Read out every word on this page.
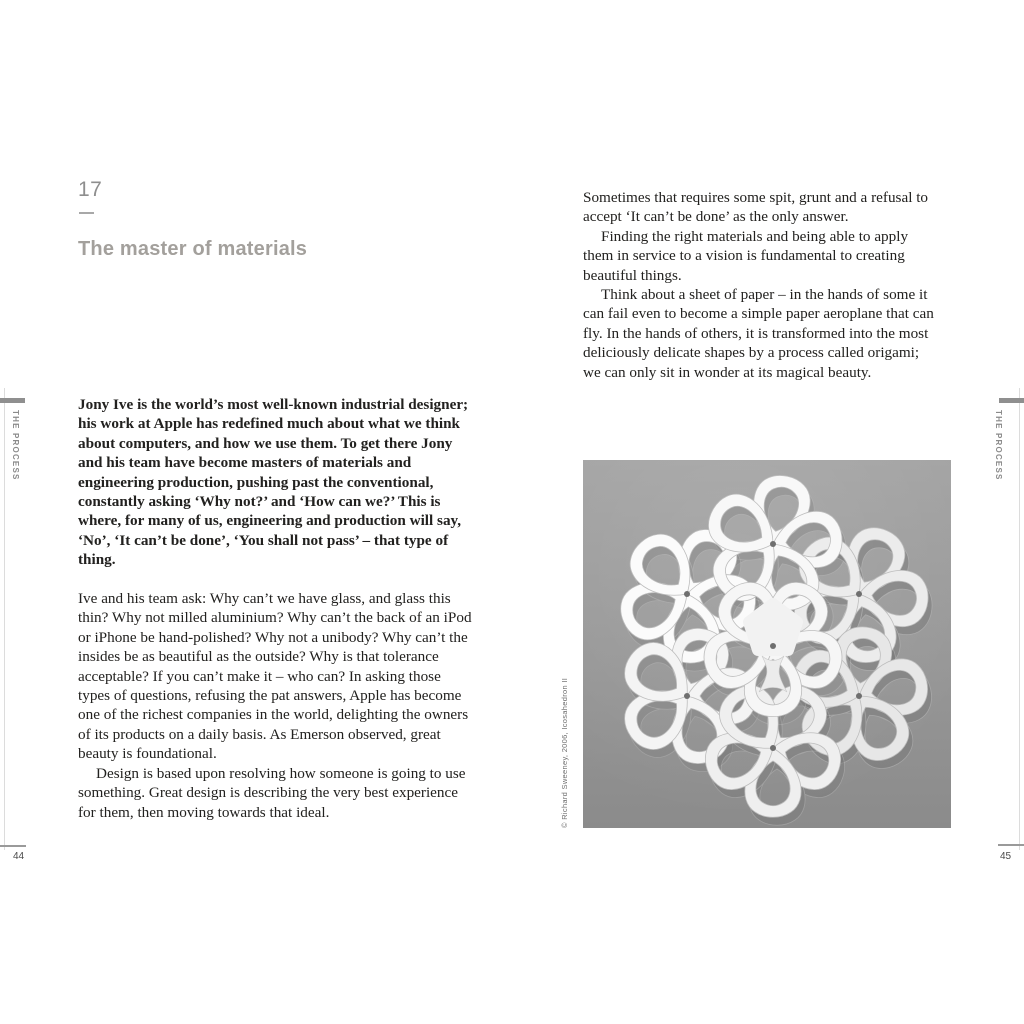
THE PROCESS
44
THE PROCESS
45
17
The master of materials

Jony Ive is the world’s most well-known industrial designer; his work at Apple has redefined much about what we think about computers, and how we use them. To get there Jony and his team have become masters of materials and engineering production, pushing past the conventional, constantly asking ‘Why not?’ and ‘How can we?’ This is where, for many of us, engineering and production will say, ‘No’, ‘It can’t be done’, ‘You shall not pass’ – that type of thing.

Ive and his team ask: Why can’t we have glass, and glass this thin? Why not milled aluminium? Why can’t the back of an iPod or iPhone be hand-polished? Why not a unibody? Why can’t the insides be as beautiful as the outside? Why is that tolerance acceptable? If you can’t make it – who can? In asking those types of questions, refusing the pat answers, Apple has become one of the richest companies in the world, delighting the owners of its products on a daily basis. As Emerson observed, great beauty is foundational.

Design is based upon resolving how someone is going to use something. Great design is describing the very best experience for them, then moving towards that ideal.

Sometimes that requires some spit, grunt and a refusal to accept ‘It can’t be done’ as the only answer.

Finding the right materials and being able to apply them in service to a vision is fundamental to creating beautiful things.

Think about a sheet of paper – in the hands of some it can fail even to become a simple paper aeroplane that can fly. In the hands of others, it is transformed into the most deliciously delicate shapes by a process called origami; we can only sit in wonder at its magical beauty.

© Richard Sweeney, 2006, Icosahedron II
